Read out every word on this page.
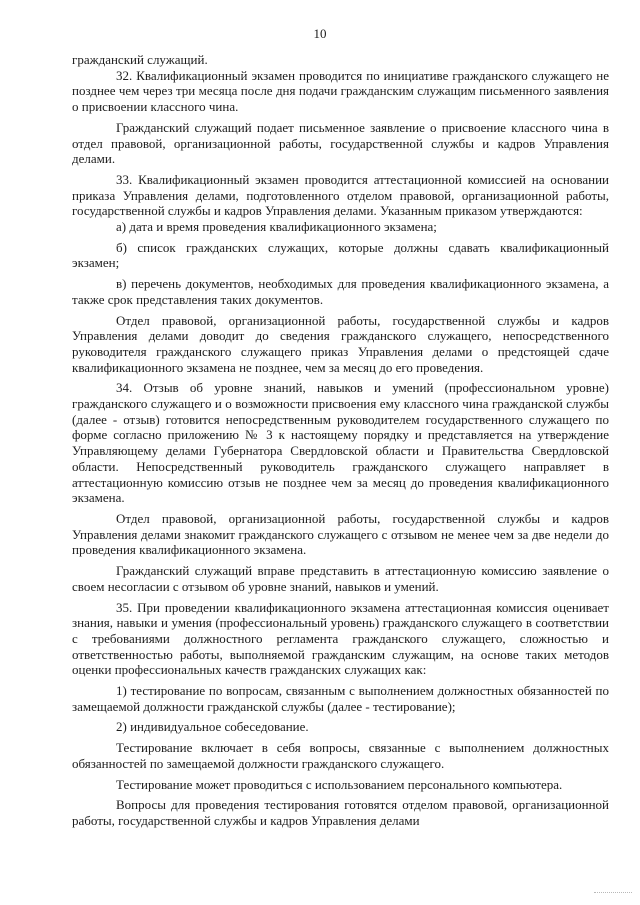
10

гражданский служащий.

32. Квалификационный экзамен проводится по инициативе гражданского служащего не позднее чем через три месяца после дня подачи гражданским служащим письменного заявления о присвоении классного чина.

Гражданский служащий подает письменное заявление о присвоение классного чина в отдел правовой, организационной работы, государственной службы и кадров Управления делами.

33. Квалификационный экзамен проводится аттестационной комиссией на основании приказа Управления делами, подготовленного отделом правовой, организационной работы, государственной службы и кадров Управления делами. Указанным приказом утверждаются:

а) дата и время проведения квалификационного экзамена;

б) список гражданских служащих, которые должны сдавать квалификационный экзамен;

в) перечень документов, необходимых для проведения квалификационного экзамена, а также срок представления таких документов.

Отдел правовой, организационной работы, государственной службы и кадров Управления делами доводит до сведения гражданского служащего, непосредственного руководителя гражданского служащего приказ Управления делами о предстоящей сдаче квалификационного экзамена не позднее, чем за месяц до его проведения.

34. Отзыв об уровне знаний, навыков и умений (профессиональном уровне) гражданского служащего и о возможности присвоения ему классного чина гражданской службы (далее - отзыв) готовится непосредственным руководителем государственного служащего по форме согласно приложению № 3 к настоящему порядку и представляется на утверждение Управляющему делами Губернатора Свердловской области и Правительства Свердловской области. Непосредственный руководитель гражданского служащего направляет в аттестационную комиссию отзыв не позднее чем за месяц до проведения квалификационного экзамена.

Отдел правовой, организационной работы, государственной службы и кадров Управления делами знакомит гражданского служащего с отзывом не менее чем за две недели до проведения квалификационного экзамена.

Гражданский служащий вправе представить в аттестационную комиссию заявление о своем несогласии с отзывом об уровне знаний, навыков и умений.

35. При проведении квалификационного экзамена аттестационная комиссия оценивает знания, навыки и умения (профессиональный уровень) гражданского служащего в соответствии с требованиями должностного регламента гражданского служащего, сложностью и ответственностью работы, выполняемой гражданским служащим, на основе таких методов оценки профессиональных качеств гражданских служащих как:

1) тестирование по вопросам, связанным с выполнением должностных обязанностей по замещаемой должности гражданской службы (далее - тестирование);

2) индивидуальное собеседование.

Тестирование включает в себя вопросы, связанные с выполнением должностных обязанностей по замещаемой должности гражданского служащего.

Тестирование может проводиться с использованием персонального компьютера.

Вопросы для проведения тестирования готовятся отделом правовой, организационной работы, государственной службы и кадров Управления делами
